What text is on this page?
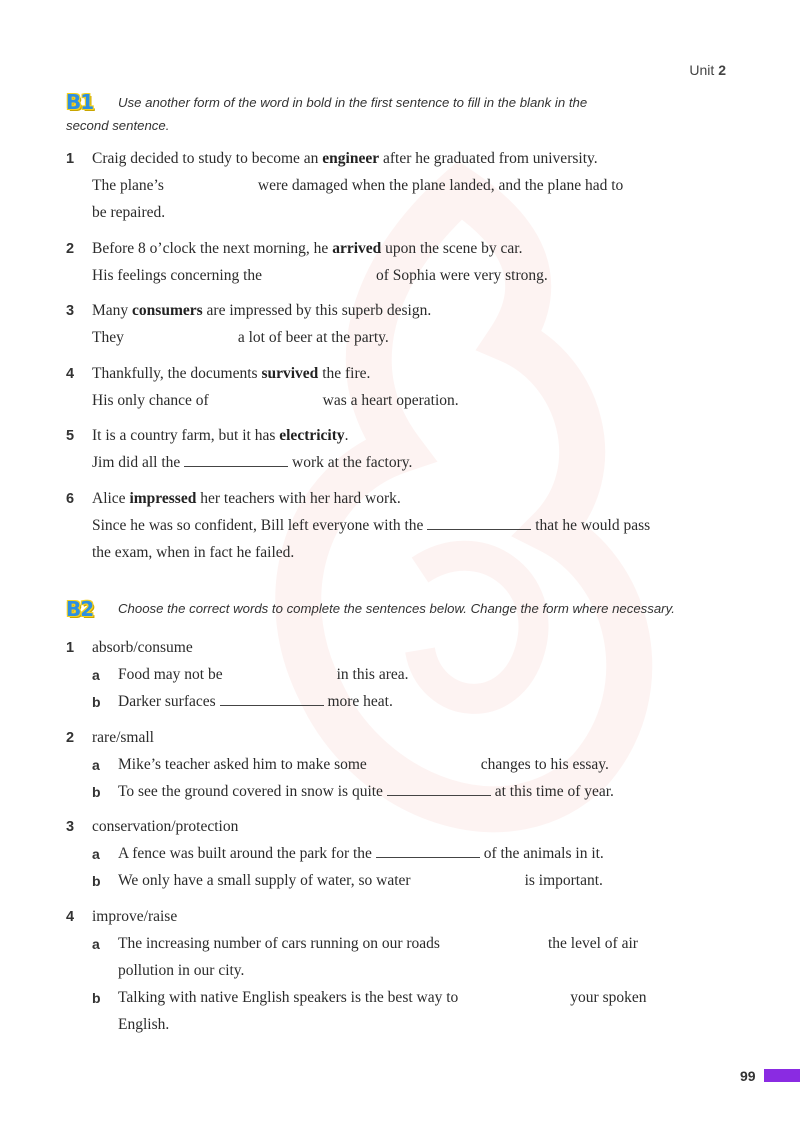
Unit 2
B1 Use another form of the word in bold in the first sentence to fill in the blank in the
second sentence.
1 Craig decided to study to become an engineer after he graduated from university.
The plane’s	were damaged when the plane landed, and the plane had to
be repaired.
2 Before 8 o’clock the next morning, he arrived upon the scene by car.
His feelings concerning the	of Sophia were very strong.
3 Many consumers are impressed by this superb design.
They	a lot of beer at the party.
4 Thankfully, the documents survived the fire.
His only chance of	was a heart operation.
5 It is a country farm, but it has electricity.
Jim did all the	work at the factory.
6 Alice impressed her teachers with her hard work.
Since he was so confident, Bill left everyone with the	that he would pass
the exam, when in fact he failed.
B2 Choose the correct words to complete the sentences below. Change the form where necessary.
1 absorb/consume
a Food may not be	in this area.
b Darker surfaces	more heat.
2 rare/small
a Mike’s teacher asked him to make some	changes to his essay.
b To see the ground covered in snow is quite	at this time of year.
3 conservation/protection
a A fence was built around the park for the	of the animals in it.
b We only have a small supply of water, so water	is important.
4 improve/raise
a The increasing number of cars running on our roads	the level of air
pollution in our city.
b Talking with native English speakers is the best way to	your spoken
English.
99
